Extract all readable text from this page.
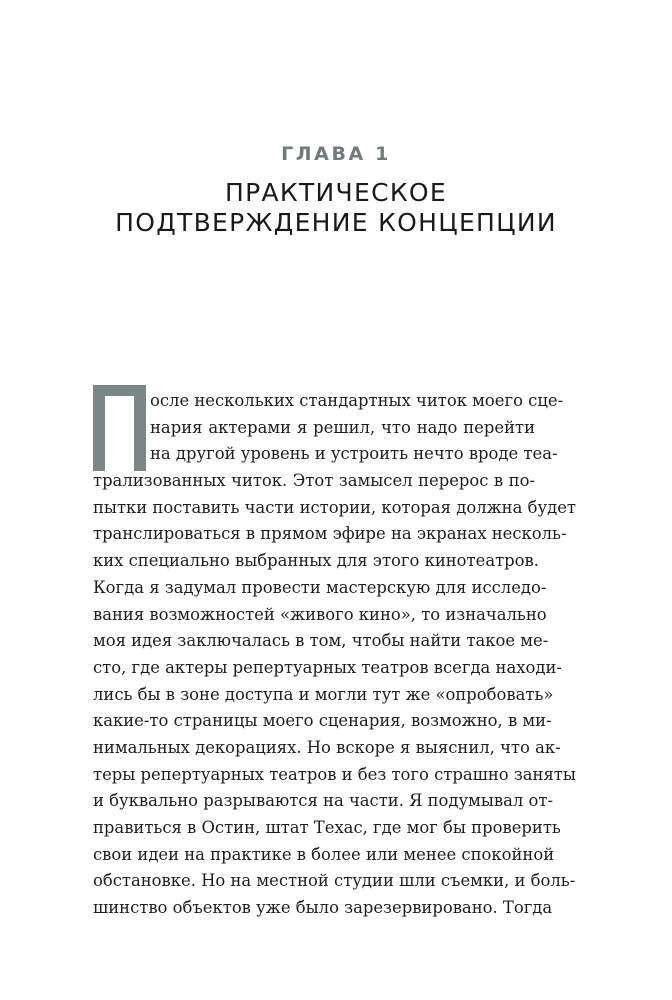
ГЛАВА 1
ПРАКТИЧЕСКОЕ
ПОДТВЕРЖДЕНИЕ КОНЦЕПЦИИ
осле нескольких стандартных читок моего сце-
нария актерами я решил, что надо перейти
на другой уровень и устроить нечто вроде теа-
трализованных читок. Этот замысел перерос в по-
пытки поставить части истории, которая должна будет
транслироваться в прямом эфире на экранах несколь-
ких специально выбранных для этого кинотеатров.
Когда я задумал провести мастерскую для исследо-
вания возможностей «живого кино», то изначально
моя идея заключалась в том, чтобы найти такое ме-
сто, где актеры репертуарных театров всегда находи-
лись бы в зоне доступа и могли тут же «опробовать»
какие-то страницы моего сценария, возможно, в ми-
нимальных декорациях. Но вскоре я выяснил, что ак-
теры репертуарных театров и без того страшно заняты
и буквально разрываются на части. Я подумывал от-
правиться в Остин, штат Техас, где мог бы проверить
свои идеи на практике в более или менее спокойной
обстановке. Но на местной студии шли съемки, и боль-
шинство объектов уже было зарезервировано. Тогда
